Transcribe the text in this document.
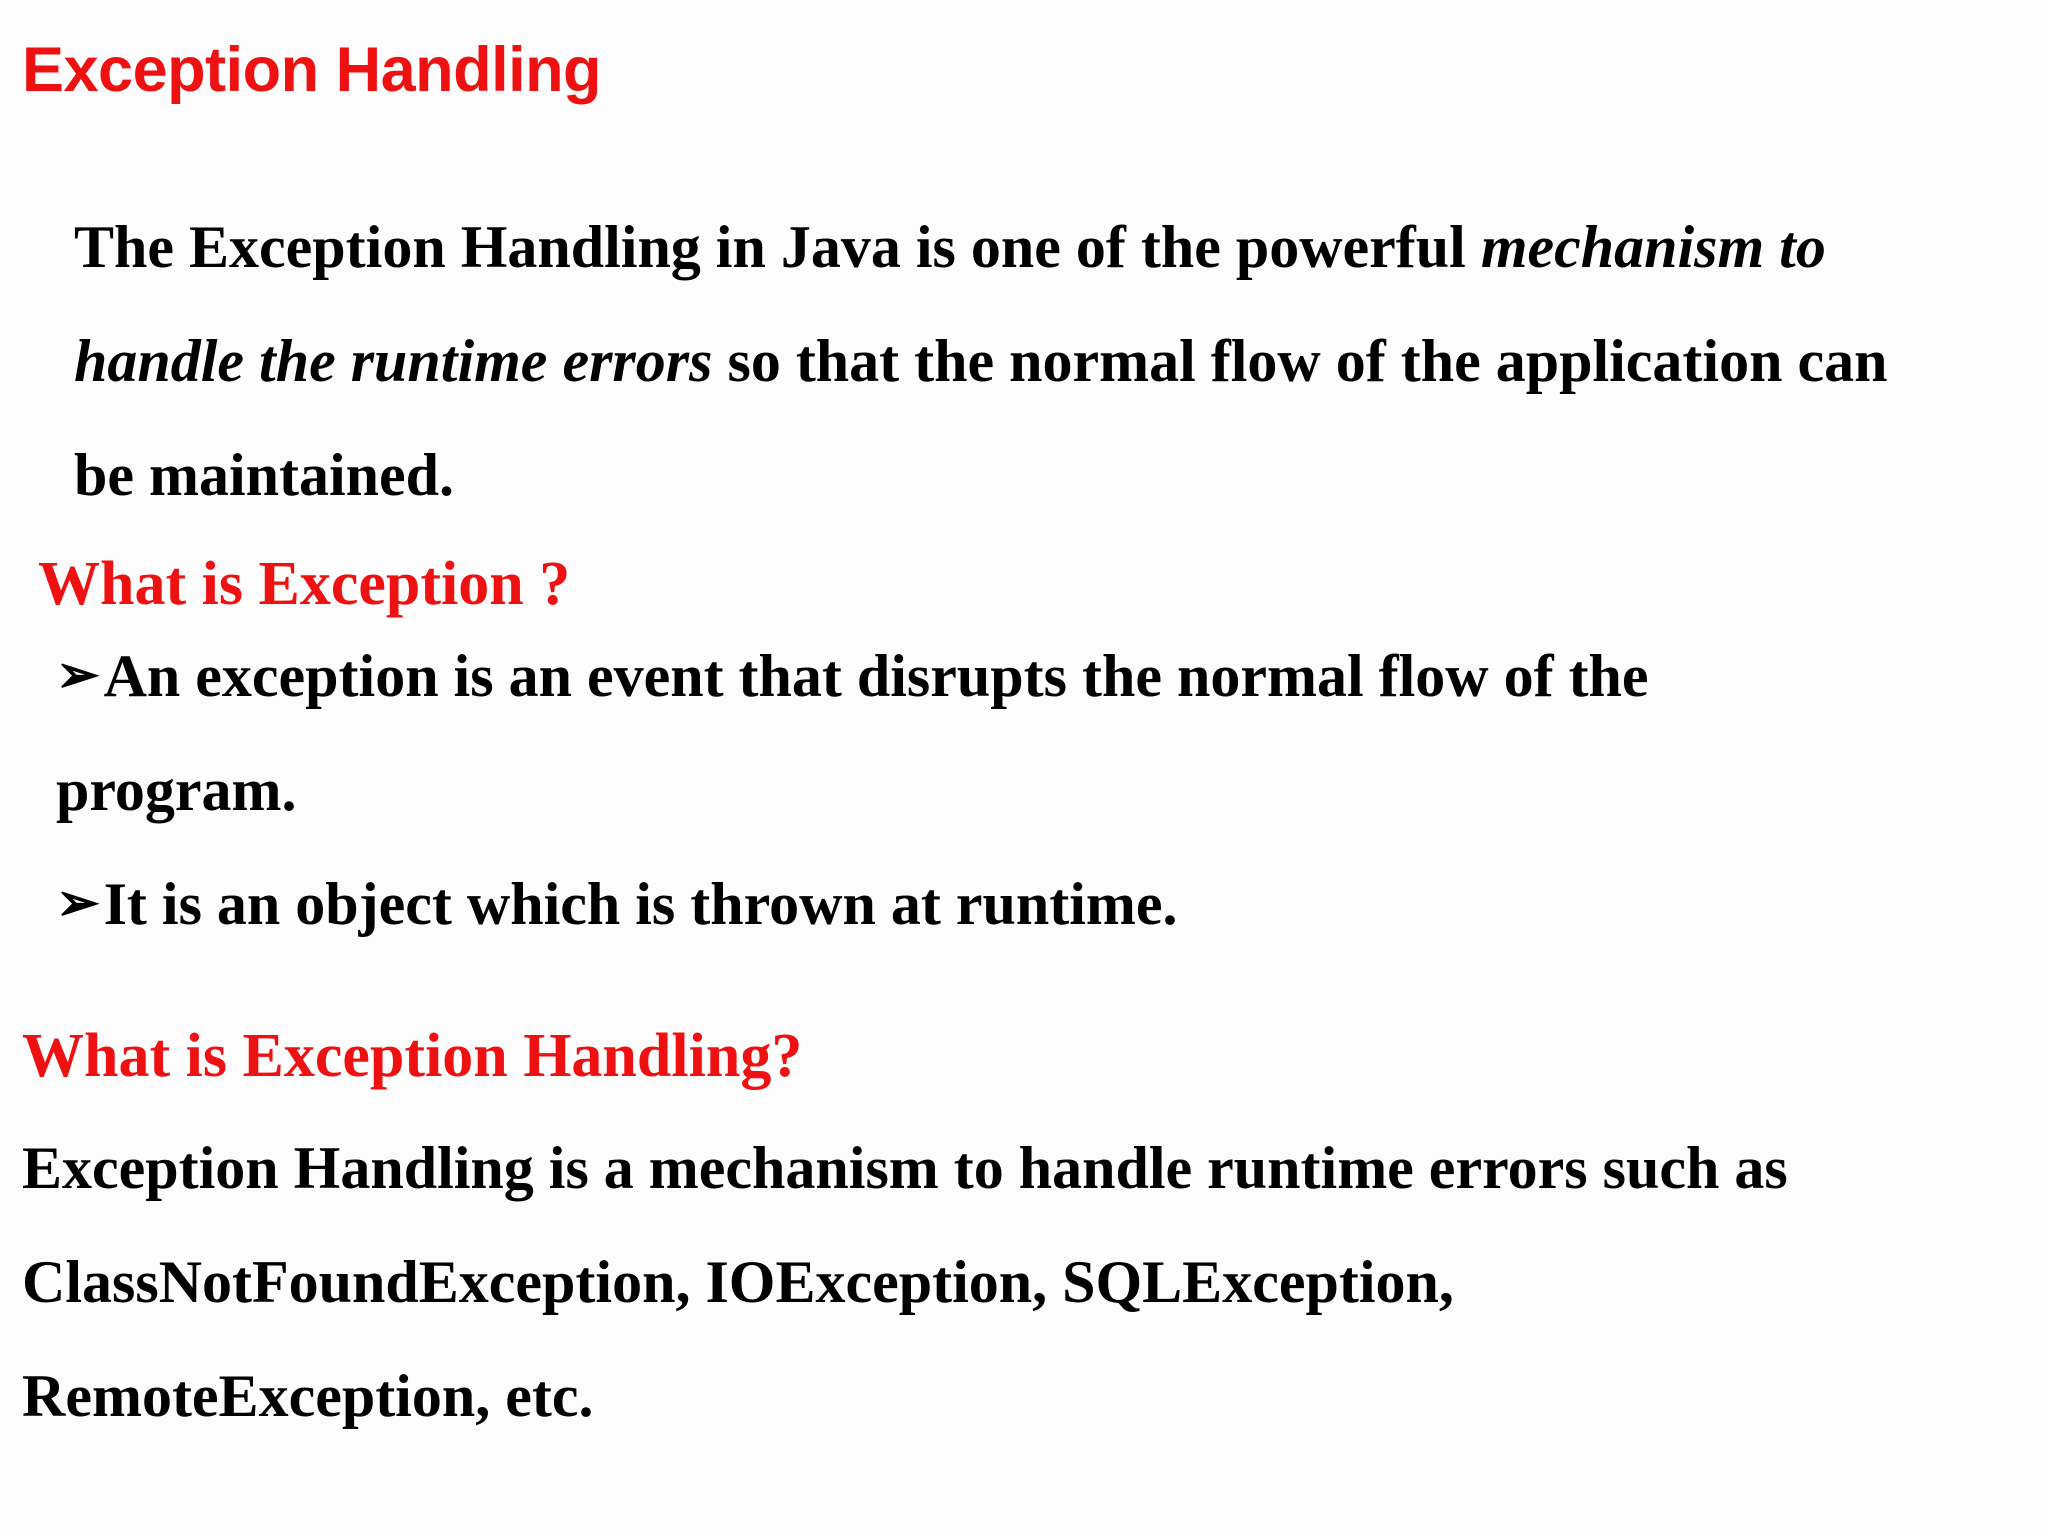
Exception Handling
The Exception Handling in Java is one of the powerful mechanism to
handle the runtime errors so that the normal flow of the application can
be maintained.
What is Exception ?
➢An exception is an event that disrupts the normal flow of the
program.
➢It is an object which is thrown at runtime.
What is Exception Handling?
Exception Handling is a mechanism to handle runtime errors such as
ClassNotFoundException, IOException, SQLException,
RemoteException, etc.
